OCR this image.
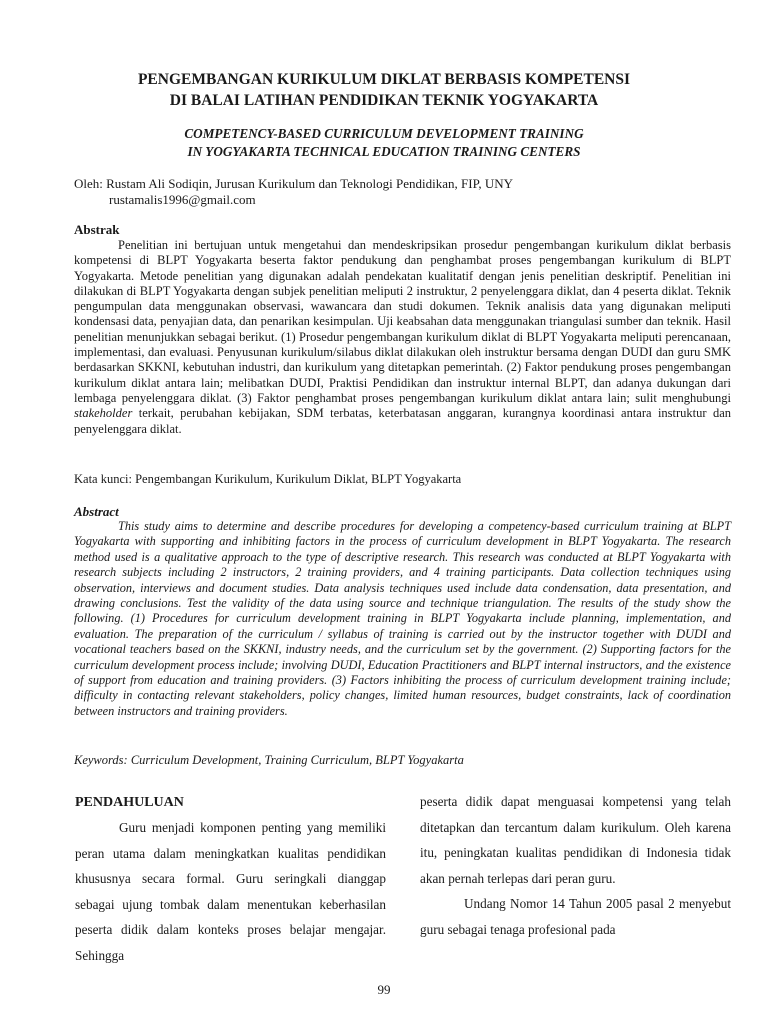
PENGEMBANGAN KURIKULUM DIKLAT BERBASIS KOMPETENSI
DI BALAI LATIHAN PENDIDIKAN TEKNIK YOGYAKARTA
COMPETENCY-BASED CURRICULUM DEVELOPMENT TRAINING
IN YOGYAKARTA TECHNICAL EDUCATION TRAINING CENTERS
Oleh: Rustam Ali Sodiqin, Jurusan Kurikulum dan Teknologi Pendidikan, FIP, UNY
rustamalis1996@gmail.com
Abstrak

Penelitian ini bertujuan untuk mengetahui dan mendeskripsikan prosedur pengembangan kurikulum diklat berbasis kompetensi di BLPT Yogyakarta beserta faktor pendukung dan penghambat proses pengembangan kurikulum di BLPT Yogyakarta. Metode penelitian yang digunakan adalah pendekatan kualitatif dengan jenis penelitian deskriptif. Penelitian ini dilakukan di BLPT Yogyakarta dengan subjek penelitian meliputi 2 instruktur, 2 penyelenggara diklat, dan 4 peserta diklat. Teknik pengumpulan data menggunakan observasi, wawancara dan studi dokumen. Teknik analisis data yang digunakan meliputi kondensasi data, penyajian data, dan penarikan kesimpulan. Uji keabsahan data menggunakan triangulasi sumber dan teknik. Hasil penelitian menunjukkan sebagai berikut. (1) Prosedur pengembangan kurikulum diklat di BLPT Yogyakarta meliputi perencanaan, implementasi, dan evaluasi. Penyusunan kurikulum/silabus diklat dilakukan oleh instruktur bersama dengan DUDI dan guru SMK berdasarkan SKKNI, kebutuhan industri, dan kurikulum yang ditetapkan pemerintah. (2) Faktor pendukung proses pengembangan kurikulum diklat antara lain; melibatkan DUDI, Praktisi Pendidikan dan instruktur internal BLPT, dan adanya dukungan dari lembaga penyelenggara diklat. (3) Faktor penghambat proses pengembangan kurikulum diklat antara lain; sulit menghubungi stakeholder terkait, perubahan kebijakan, SDM terbatas, keterbatasan anggaran, kurangnya koordinasi antara instruktur dan penyelenggara diklat.

Kata kunci: Pengembangan Kurikulum, Kurikulum Diklat, BLPT Yogyakarta
Abstract

This study aims to determine and describe procedures for developing a competency-based curriculum training at BLPT Yogyakarta with supporting and inhibiting factors in the process of curriculum development in BLPT Yogyakarta. The research method used is a qualitative approach to the type of descriptive research. This research was conducted at BLPT Yogyakarta with research subjects including 2 instructors, 2 training providers, and 4 training participants. Data collection techniques using observation, interviews and document studies. Data analysis techniques used include data condensation, data presentation, and drawing conclusions. Test the validity of the data using source and technique triangulation. The results of the study show the following. (1) Procedures for curriculum development training in BLPT Yogyakarta include planning, implementation, and evaluation. The preparation of the curriculum / syllabus of training is carried out by the instructor together with DUDI and vocational teachers based on the SKKNI, industry needs, and the curriculum set by the government. (2) Supporting factors for the curriculum development process include; involving DUDI, Education Practitioners and BLPT internal instructors, and the existence of support from education and training providers. (3) Factors inhibiting the process of curriculum development training include; difficulty in contacting relevant stakeholders, policy changes, limited human resources, budget constraints, lack of coordination between instructors and training providers.

Keywords: Curriculum Development, Training Curriculum, BLPT Yogyakarta
PENDAHULUAN

Guru menjadi komponen penting yang memiliki peran utama dalam meningkatkan kualitas pendidikan khususnya secara formal. Guru seringkali dianggap sebagai ujung tombak dalam menentukan keberhasilan peserta didik dalam konteks proses belajar mengajar. Sehingga

peserta didik dapat menguasai kompetensi yang telah ditetapkan dan tercantum dalam kurikulum. Oleh karena itu, peningkatan kualitas pendidikan di Indonesia tidak akan pernah terlepas dari peran guru.

Undang Nomor 14 Tahun 2005 pasal 2 menyebut guru sebagai tenaga profesional pada

99
